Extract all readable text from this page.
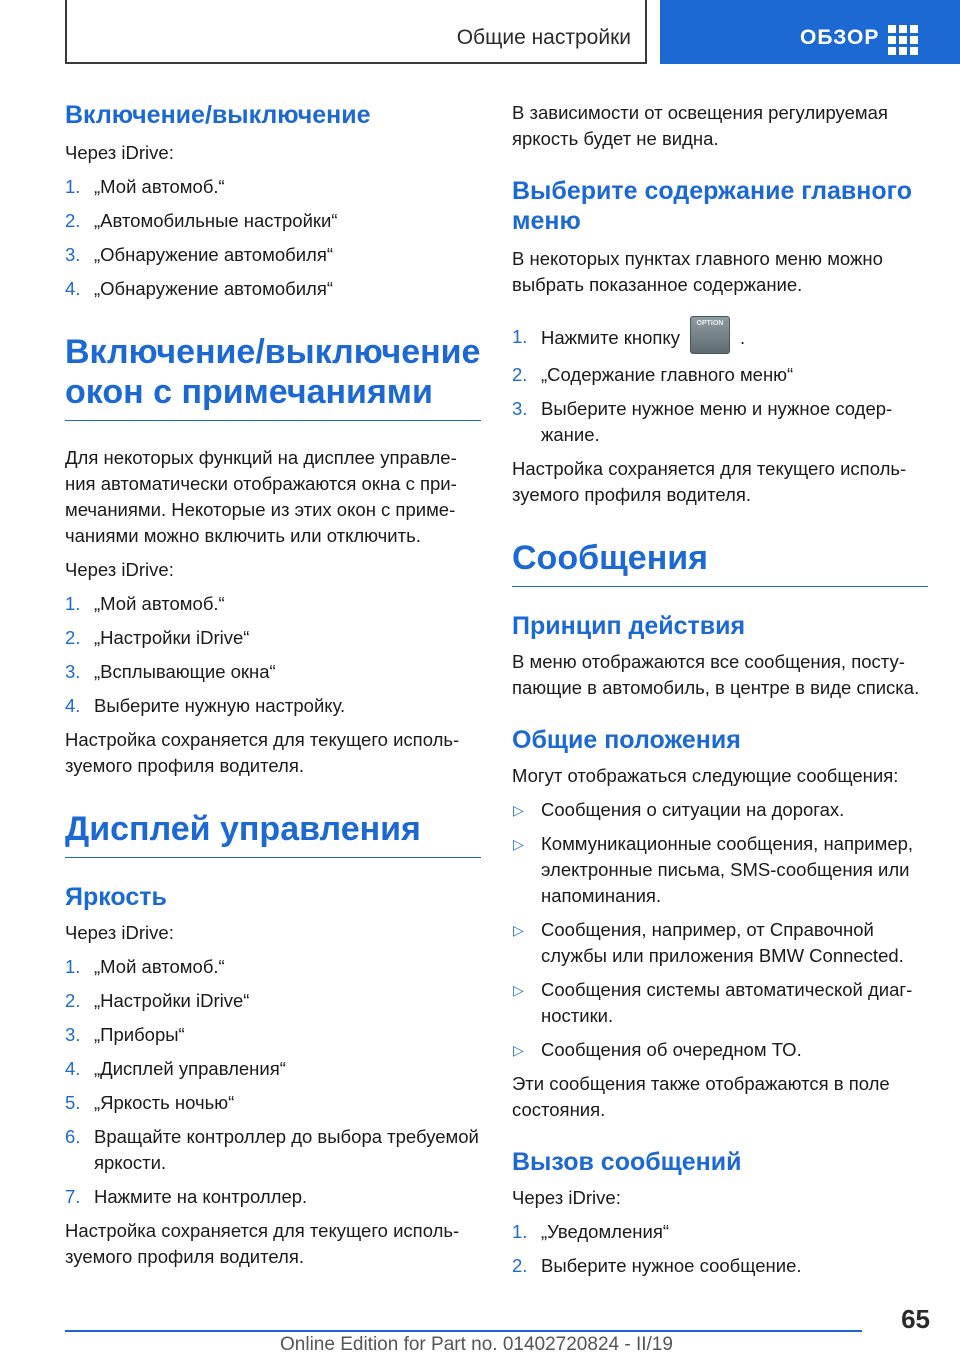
Общие настройки	ОБЗОР
Включение/выключение

Через iDrive:

1. „Мой автомоб.“
2. „Автомобильные настройки“
3. „Обнаружение автомобиля“
4. „Обнаружение автомобиля“
Включение/выключение окон с примечаниями

Для некоторых функций на дисплее управления автоматически отображаются окна с примечаниями. Некоторые из этих окон с примечаниями можно включить или отключить.

Через iDrive:

1. „Мой автомоб.“
2. „Настройки iDrive“
3. „Всплывающие окна“
4. Выберите нужную настройку.

Настройка сохраняется для текущего используемого профиля водителя.

Дисплей управления
Яркость

Через iDrive:

1. „Мой автомоб.“
2. „Настройки iDrive“
3. „Приборы“
4. „Дисплей управления“
5. „Яркость ночью“
6. Вращайте контроллер до выбора требуемой яркости.
7. Нажмите на контроллер.

Настройка сохраняется для текущего используемого профиля водителя.

В зависимости от освещения регулируемая яркость будет не видна.

Выберите содержание главного меню

В некоторых пунктах главного меню можно выбрать показанное содержание.

1. Нажмите кнопкуOPTION.
2. „Содержание главного меню“
3. Выберите нужное меню и нужное содержание.

Настройка сохраняется для текущего используемого профиля водителя.

Сообщения
Принцип действия

В меню отображаются все сообщения, поступающие в автомобиль, в центре в виде списка.

Общие положения

Могут отображаться следующие сообщения:

▷ Сообщения о ситуации на дорогах.
▷ Коммуникационные сообщения, например, электронные письма, SMS-сообщения или напоминания.
▷ Сообщения, например, от Справочной службы или приложения BMW Connected.
▷ Сообщения системы автоматической диагностики.
▷ Сообщения об очередном ТО.

Эти сообщения также отображаются в поле состояния.

Вызов сообщений

Через iDrive:

1. „Уведомления“
2. Выберите нужное сообщение.
65
Online Edition for Part no. 01402720824 - II/19
